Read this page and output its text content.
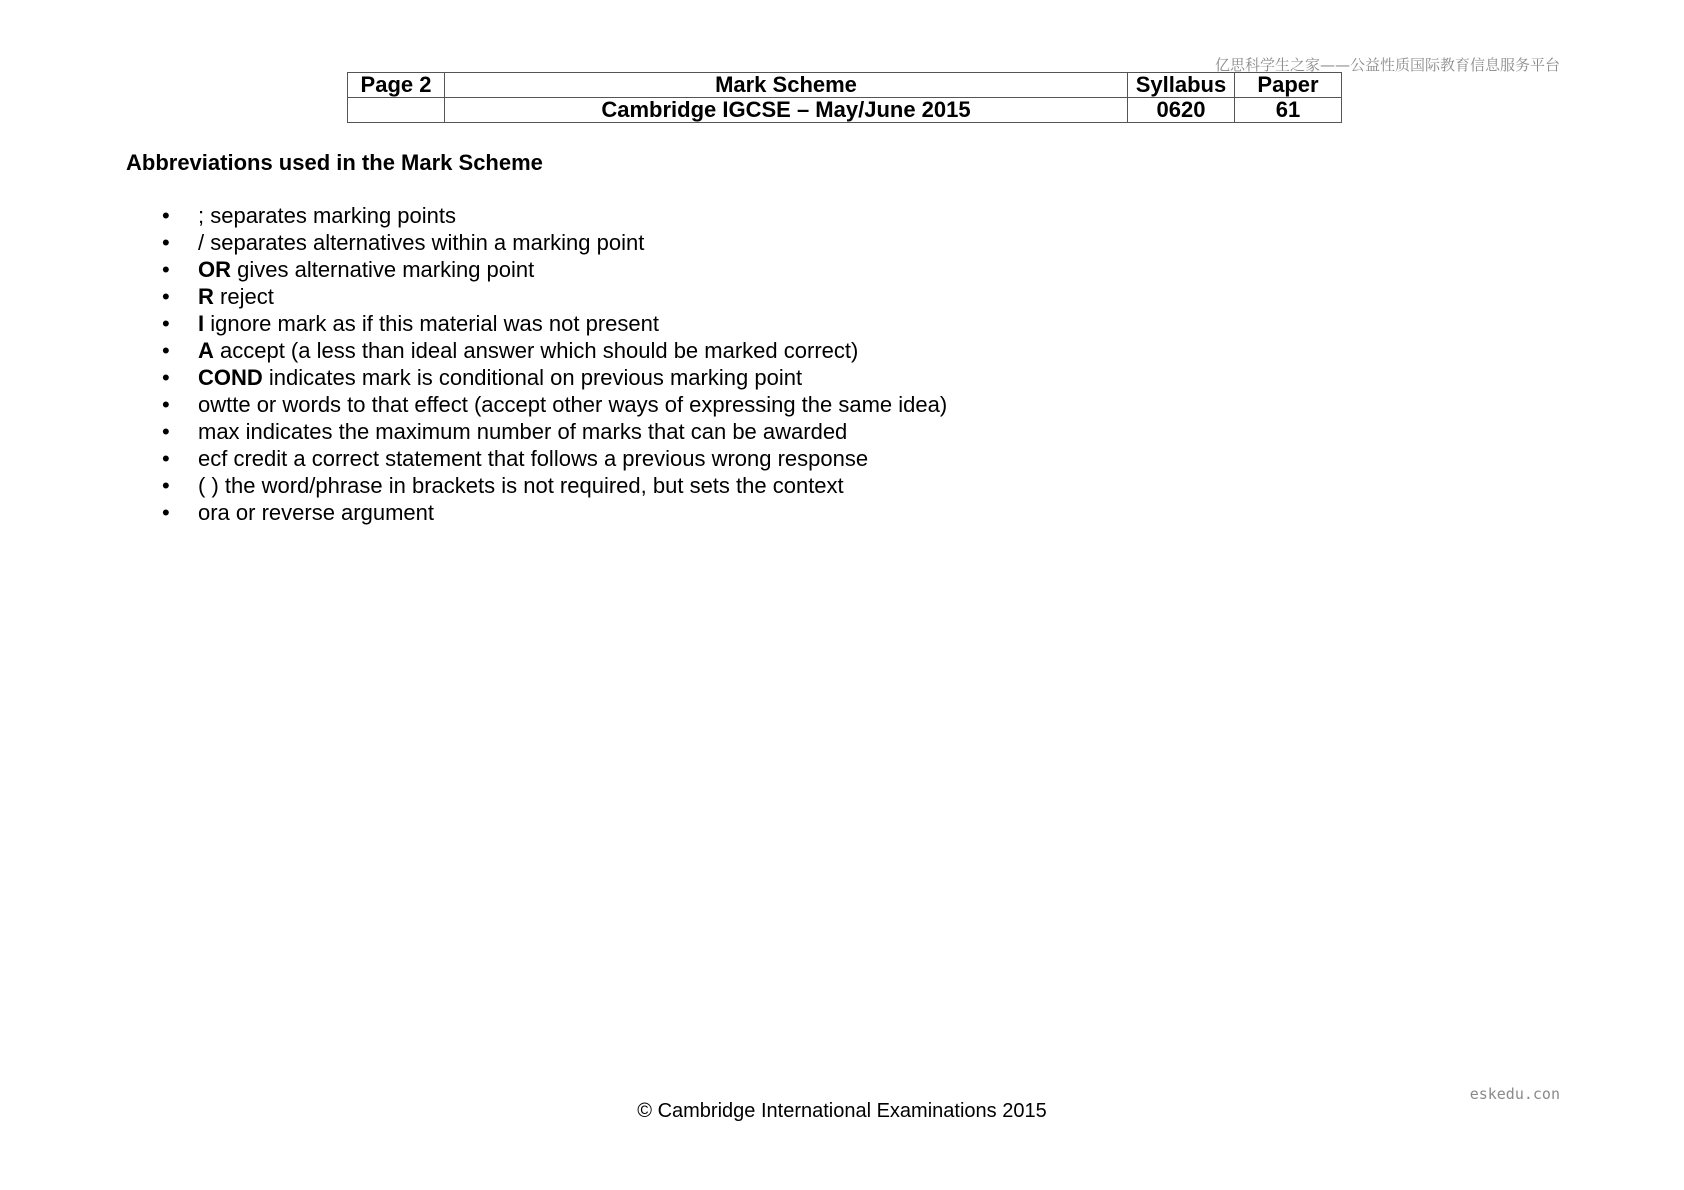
亿思科学生之家——公益性质国际教育信息服务平台
Page 2	Mark Scheme	Syllabus	Paper
	Cambridge IGCSE – May/June 2015	0620	61
Abbreviations used in the Mark Scheme
• ; separates marking points
• / separates alternatives within a marking point
• OR gives alternative marking point
• R reject
• I ignore mark as if this material was not present
• A accept (a less than ideal answer which should be marked correct)
• COND indicates mark is conditional on previous marking point
• owtte or words to that effect (accept other ways of expressing the same idea)
• max indicates the maximum number of marks that can be awarded
• ecf credit a correct statement that follows a previous wrong response
• ( ) the word/phrase in brackets is not required, but sets the context
• ora or reverse argument
eskedu.con
© Cambridge International Examinations 2015
